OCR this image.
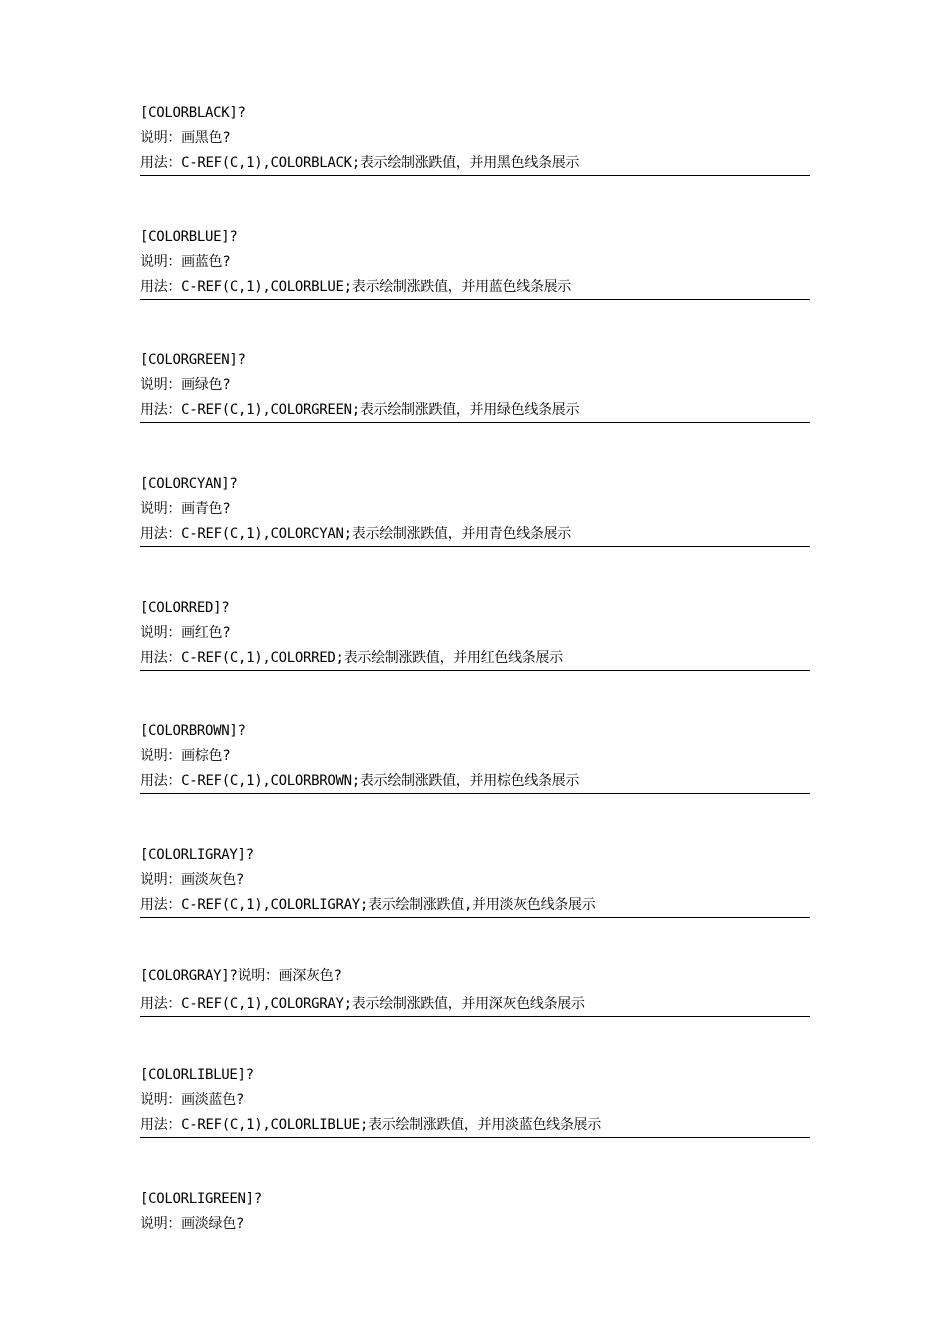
[COLORBLACK]?
说明：画黑色?
用法：C-REF(C,1),COLORBLACK;表示绘制涨跌值，并用黑色线条展示
[COLORBLUE]?
说明：画蓝色?
用法：C-REF(C,1),COLORBLUE;表示绘制涨跌值，并用蓝色线条展示
[COLORGREEN]?
说明：画绿色?
用法：C-REF(C,1),COLORGREEN;表示绘制涨跌值，并用绿色线条展示
[COLORCYAN]?
说明：画青色?
用法：C-REF(C,1),COLORCYAN;表示绘制涨跌值，并用青色线条展示
[COLORRED]?
说明：画红色?
用法：C-REF(C,1),COLORRED;表示绘制涨跌值，并用红色线条展示
[COLORBROWN]?
说明：画棕色?
用法：C-REF(C,1),COLORBROWN;表示绘制涨跌值，并用棕色线条展示
[COLORLIGRAY]?
说明：画淡灰色?
用法：C-REF(C,1),COLORLIGRAY;表示绘制涨跌值,并用淡灰色线条展示
[COLORGRAY]?说明：画深灰色?
用法：C-REF(C,1),COLORGRAY;表示绘制涨跌值，并用深灰色线条展示
[COLORLIBLUE]?
说明：画淡蓝色?
用法：C-REF(C,1),COLORLIBLUE;表示绘制涨跌值，并用淡蓝色线条展示
[COLORLIGREEN]?
说明：画淡绿色?
